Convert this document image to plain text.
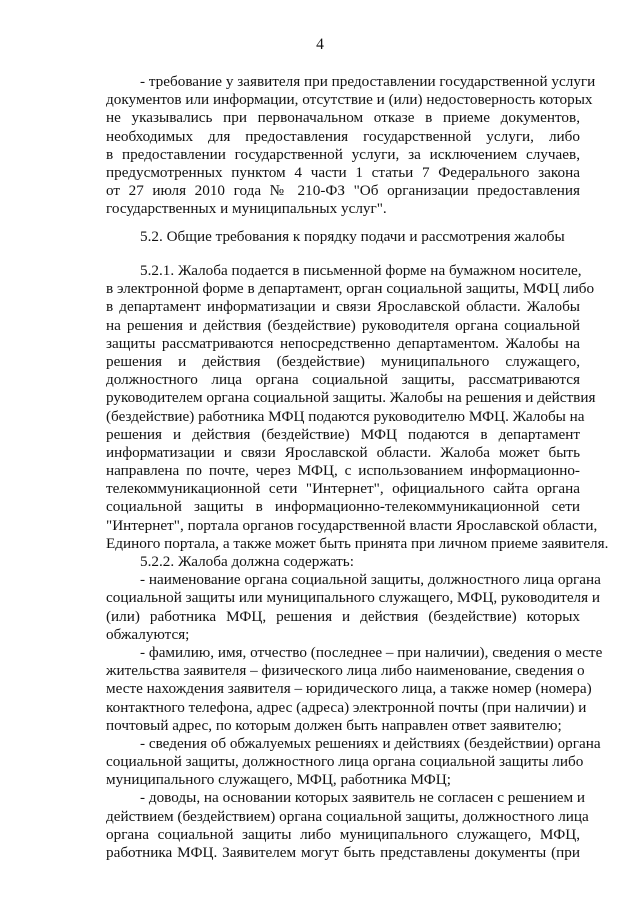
4
- требование у заявителя при предоставлении государственной услуги
документов или информации, отсутствие и (или) недостоверность которых
не указывались при первоначальном отказе в приеме документов,
необходимых для предоставления государственной услуги, либо
в предоставлении государственной услуги, за исключением случаев,
предусмотренных пунктом 4 части 1 статьи 7 Федерального закона
от 27 июля 2010 года № 210-ФЗ "Об организации предоставления
государственных и муниципальных услуг".
5.2. Общие требования к порядку подачи и рассмотрения жалобы
5.2.1. Жалоба подается в письменной форме на бумажном носителе,
в электронной форме в департамент, орган социальной защиты, МФЦ либо
в департамент информатизации и связи Ярославской области. Жалобы
на решения и действия (бездействие) руководителя органа социальной
защиты рассматриваются непосредственно департаментом. Жалобы на
решения и действия (бездействие) муниципального служащего,
должностного лица органа социальной защиты, рассматриваются
руководителем органа социальной защиты. Жалобы на решения и действия
(бездействие) работника МФЦ подаются руководителю МФЦ. Жалобы на
решения и действия (бездействие) МФЦ подаются в департамент
информатизации и связи Ярославской области. Жалоба может быть
направлена по почте, через МФЦ, с использованием информационно-
телекоммуникационной сети "Интернет", официального сайта органа
социальной защиты в информационно-телекоммуникационной сети
"Интернет", портала органов государственной власти Ярославской области,
Единого портала, а также может быть принята при личном приеме заявителя.
5.2.2. Жалоба должна содержать:
- наименование органа социальной защиты, должностного лица органа
социальной защиты или муниципального служащего, МФЦ, руководителя и
(или) работника МФЦ, решения и действия (бездействие) которых
обжалуются;
- фамилию, имя, отчество (последнее – при наличии), сведения о месте
жительства заявителя – физического лица либо наименование, сведения о
месте нахождения заявителя – юридического лица, а также номер (номера)
контактного телефона, адрес (адреса) электронной почты (при наличии) и
почтовый адрес, по которым должен быть направлен ответ заявителю;
- сведения об обжалуемых решениях и действиях (бездействии) органа
социальной защиты, должностного лица органа социальной защиты либо
муниципального служащего, МФЦ, работника МФЦ;
- доводы, на основании которых заявитель не согласен с решением и
действием (бездействием) органа социальной защиты, должностного лица
органа социальной защиты либо муниципального служащего, МФЦ,
работника МФЦ. Заявителем могут быть представлены документы (при
